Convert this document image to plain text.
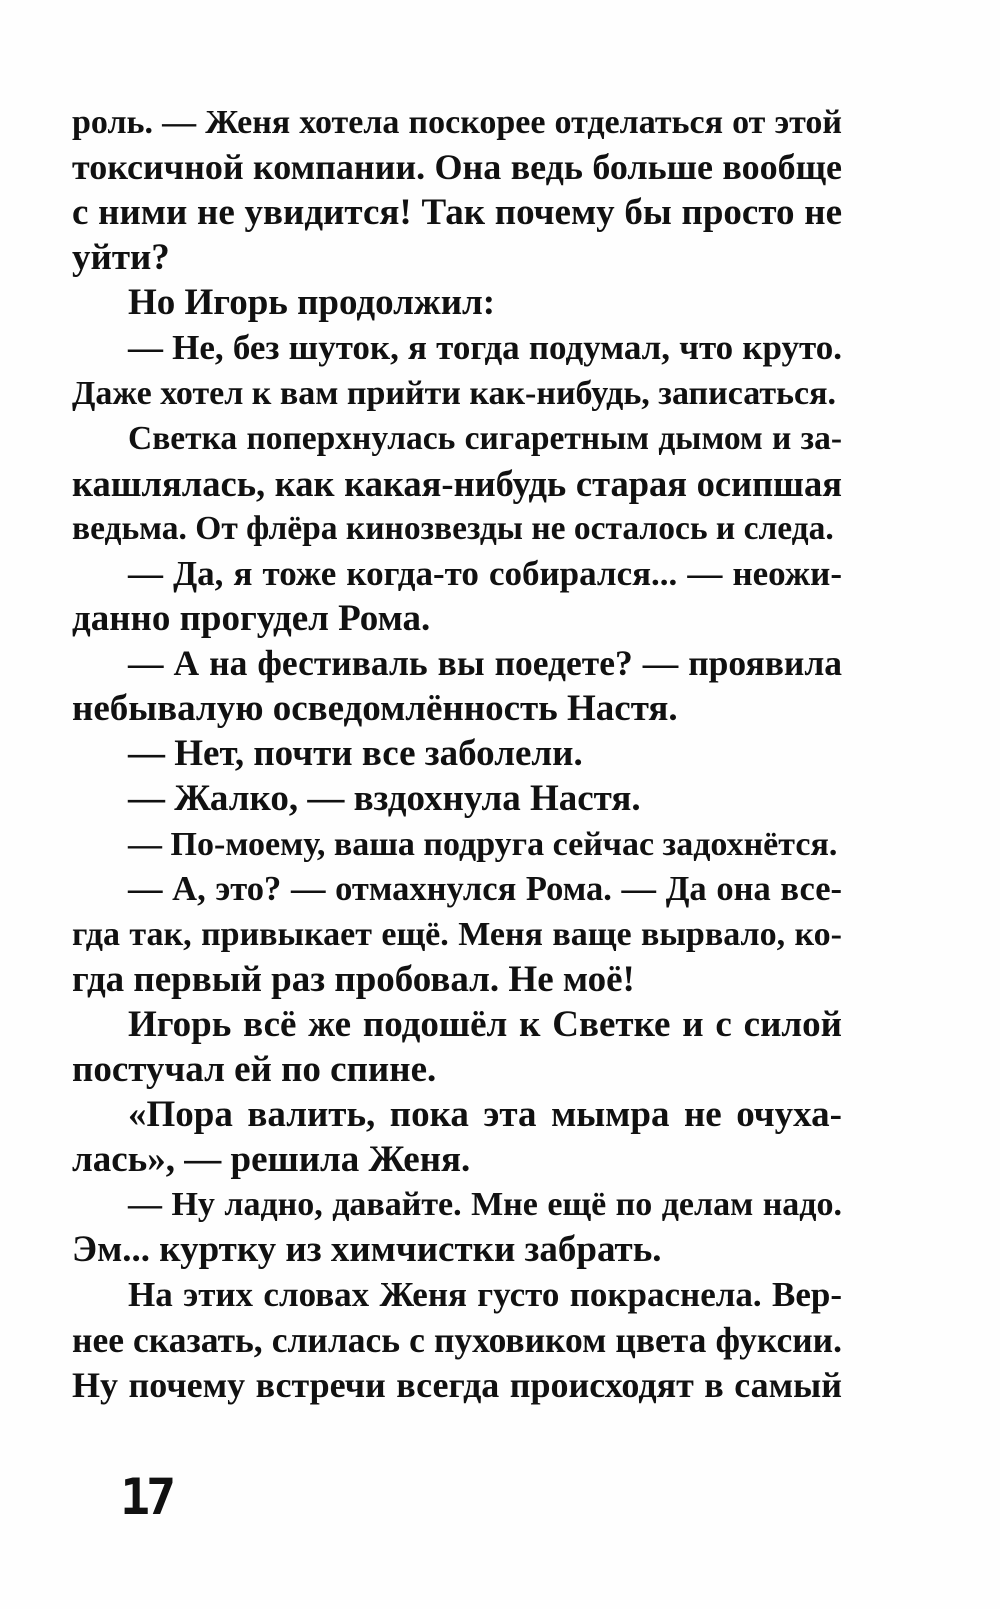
роль. — Женя хотела поскорее отделаться от этой
токсичной компании. Она ведь больше вообще
с ними не увидится! Так почему бы просто не
уйти?
Но Игорь продолжил:
— Не, без шуток, я тогда подумал, что круто.
Даже хотел к вам прийти как-нибудь, записаться.
Светка поперхнулась сигаретным дымом и за-
кашлялась, как какая-нибудь старая осипшая
ведьма. От флёра кинозвезды не осталось и следа.
— Да, я тоже когда-то собирался... — неожи-
данно прогудел Рома.
— А на фестиваль вы поедете? — проявила
небывалую осведомлённость Настя.
— Нет, почти все заболели.
— Жалко, — вздохнула Настя.
— По-моему, ваша подруга сейчас задохнётся.
— А, это? — отмахнулся Рома. — Да она все-
гда так, привыкает ещё. Меня ваще вырвало, ко-
гда первый раз пробовал. Не моё!
Игорь всё же подошёл к Светке и с силой
постучал ей по спине.
«Пора валить, пока эта мымра не очуха-
лась», — решила Женя.
— Ну ладно, давайте. Мне ещё по делам надо.
Эм... куртку из химчистки забрать.
На этих словах Женя густо покраснела. Вер-
нее сказать, слилась с пуховиком цвета фуксии.
Ну почему встречи всегда происходят в самый
17
